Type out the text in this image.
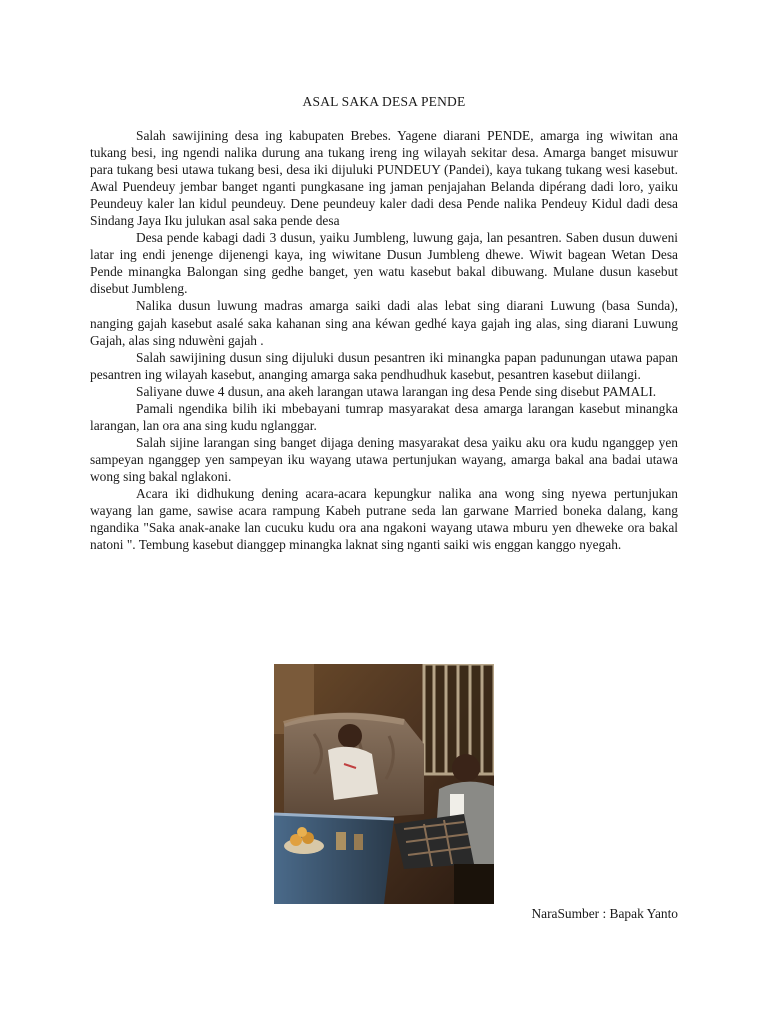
ASAL SAKA DESA PENDE

Salah sawijining desa ing kabupaten Brebes. Yagene diarani PENDE, amarga ing wiwitan ana tukang besi, ing ngendi nalika durung ana tukang ireng ing wilayah sekitar desa. Amarga banget misuwur para tukang besi utawa tukang besi, desa iki dijuluki PUNDEUY (Pandei), kaya tukang tukang wesi kasebut. Awal Puendeuy jembar banget nganti pungkasane ing jaman penjajahan Belanda dipérang dadi loro, yaiku Peundeuy kaler lan kidul peundeuy. Dene peundeuy kaler dadi desa Pende nalika Pendeuy Kidul dadi desa Sindang Jaya Iku julukan asal saka pende desa

Desa pende kabagi dadi 3 dusun, yaiku Jumbleng, luwung gaja, lan pesantren. Saben dusun duweni latar ing endi jenenge dijenengi kaya, ing wiwitane Dusun Jumbleng dhewe. Wiwit bagean Wetan Desa Pende minangka Balongan sing gedhe banget, yen watu kasebut bakal dibuwang. Mulane dusun kasebut disebut Jumbleng.

Nalika dusun luwung madras amarga saiki dadi alas lebat sing diarani Luwung (basa Sunda), nanging gajah kasebut asalé saka kahanan sing ana kéwan gedhé kaya gajah ing alas, sing diarani Luwung Gajah, alas sing nduwèni gajah .

Salah sawijining dusun sing dijuluki dusun pesantren iki minangka papan padunungan utawa papan pesantren ing wilayah kasebut, ananging amarga saka pendhudhuk kasebut, pesantren kasebut diilangi.

Saliyane duwe 4 dusun, ana akeh larangan utawa larangan ing desa Pende sing disebut PAMALI.

Pamali ngendika bilih iki mbebayani tumrap masyarakat desa amarga larangan kasebut minangka larangan, lan ora ana sing kudu nglanggar.

Salah sijine larangan sing banget dijaga dening masyarakat desa yaiku aku ora kudu nganggep yen sampeyan nganggep yen sampeyan iku wayang utawa pertunjukan wayang, amarga bakal ana badai utawa wong sing bakal nglakoni.

Acara iki didhukung dening acara-acara kepungkur nalika ana wong sing nyewa pertunjukan wayang lan game, sawise acara rampung Kabeh putrane seda lan garwane Married boneka dalang, kang ngandika "Saka anak-anake lan cucuku kudu ora ana ngakoni wayang utawa mburu yen dheweke ora bakal natoni ". Tembung kasebut dianggep minangka laknat sing nganti saiki wis enggan kanggo nyegah.

NaraSumber : Bapak Yanto
